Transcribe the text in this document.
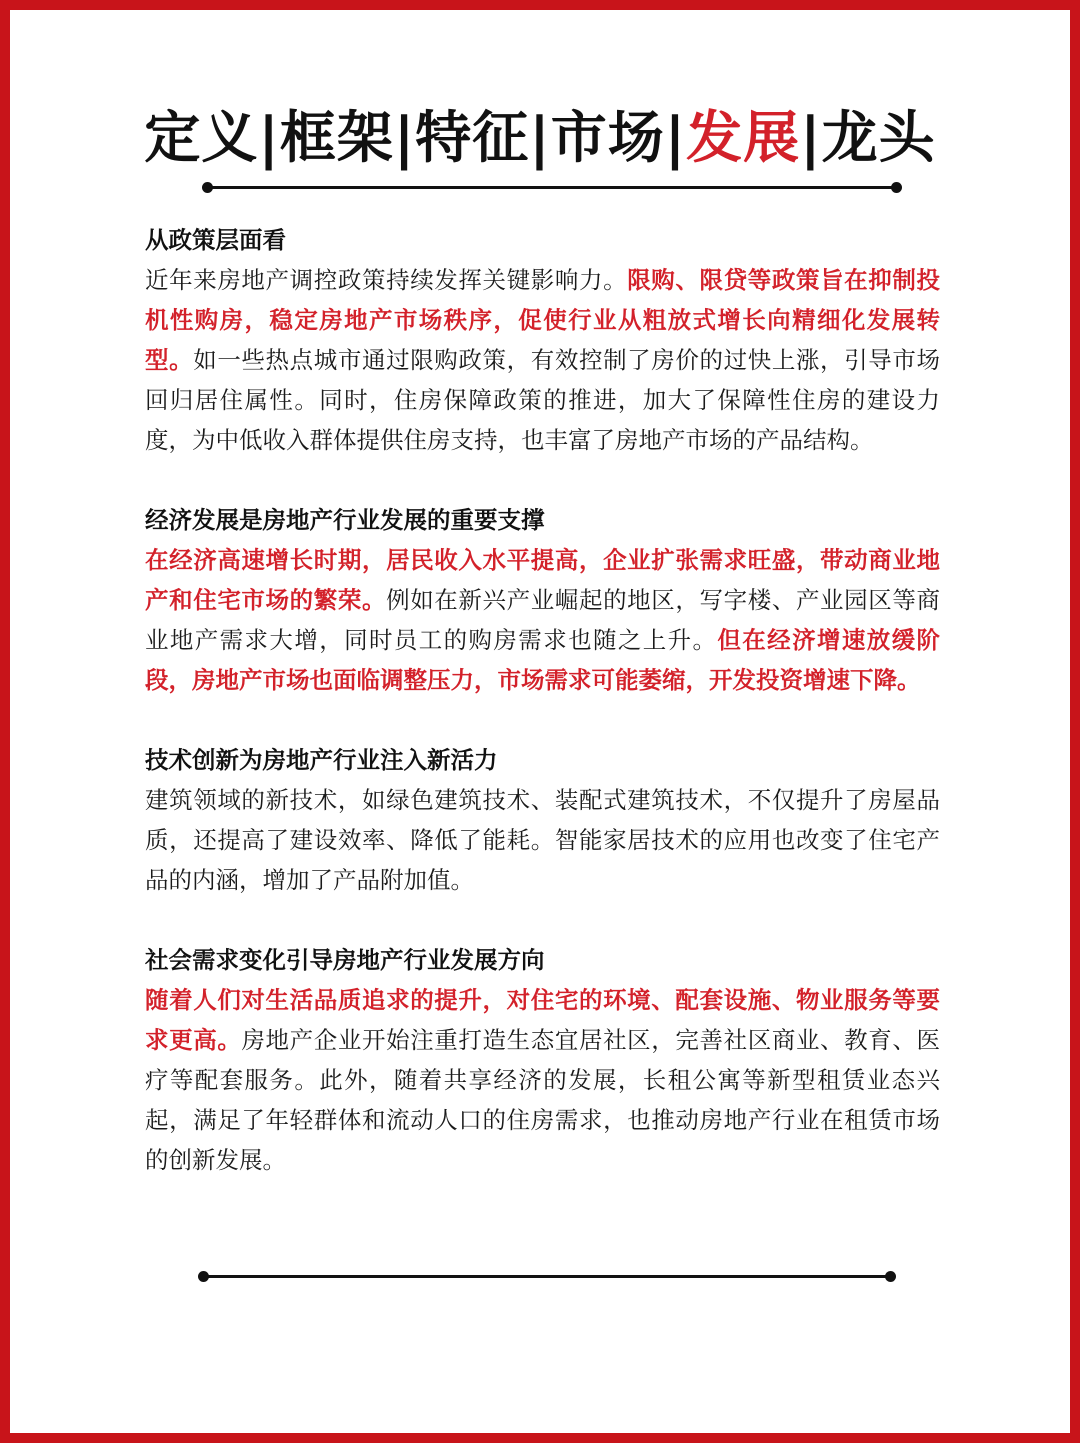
定义|框架|特征|市场|发展|龙头
从政策层面看

近年来房地产调控政策持续发挥关键影响力。限购、限贷等政策旨在抑制投机性购房，稳定房地产市场秩序，促使行业从粗放式增长向精细化发展转型。如一些热点城市通过限购政策，有效控制了房价的过快上涨，引导市场回归居住属性。同时，住房保障政策的推进，加大了保障性住房的建设力度，为中低收入群体提供住房支持，也丰富了房地产市场的产品结构。

经济发展是房地产行业发展的重要支撑

在经济高速增长时期，居民收入水平提高，企业扩张需求旺盛，带动商业地产和住宅市场的繁荣。例如在新兴产业崛起的地区，写字楼、产业园区等商业地产需求大增，同时员工的购房需求也随之上升。但在经济增速放缓阶段，房地产市场也面临调整压力，市场需求可能萎缩，开发投资增速下降。

技术创新为房地产行业注入新活力

建筑领域的新技术，如绿色建筑技术、装配式建筑技术，不仅提升了房屋品质，还提高了建设效率、降低了能耗。智能家居技术的应用也改变了住宅产品的内涵，增加了产品附加值。

社会需求变化引导房地产行业发展方向

随着人们对生活品质追求的提升，对住宅的环境、配套设施、物业服务等要求更高。房地产企业开始注重打造生态宜居社区，完善社区商业、教育、医疗等配套服务。此外，随着共享经济的发展，长租公寓等新型租赁业态兴起，满足了年轻群体和流动人口的住房需求，也推动房地产行业在租赁市场的创新发展。
